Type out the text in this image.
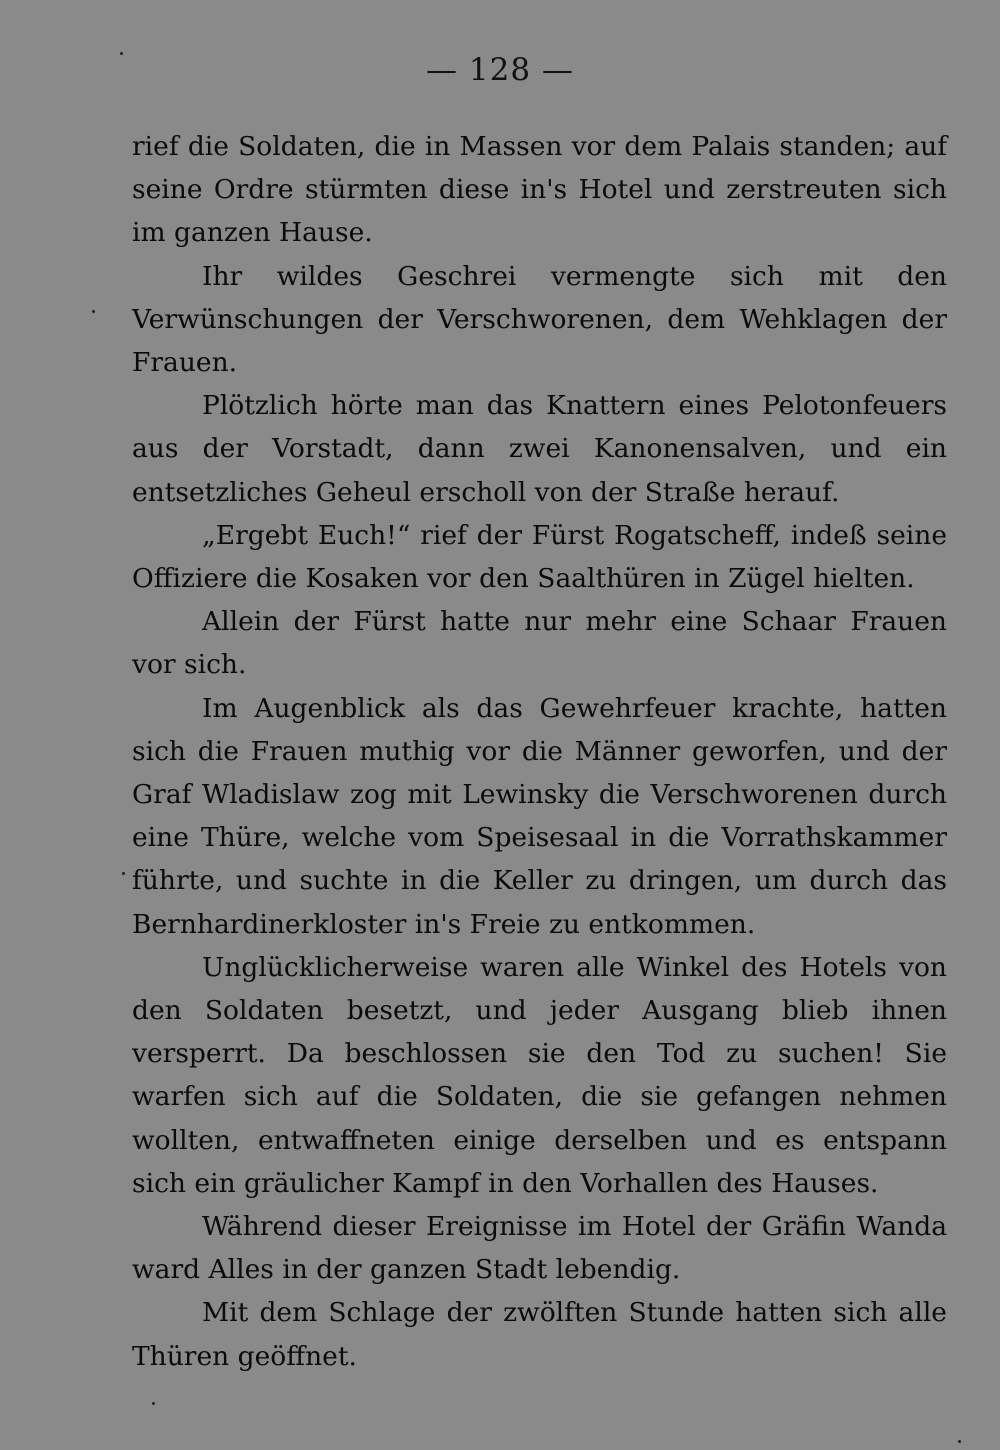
— 128 —

rief die Soldaten, die in Massen vor dem Palais standen; auf seine Ordre stürmten diese in's Hotel und zerstreuten sich im ganzen Hause.

Ihr wildes Geschrei vermengte sich mit den Verwünschungen der Verschworenen, dem Wehklagen der Frauen.

Plötzlich hörte man das Knattern eines Pelotonfeuers aus der Vorstadt, dann zwei Kanonensalven, und ein entsetzliches Geheul erscholl von der Straße herauf.

„Ergebt Euch!“ rief der Fürst Rogatscheff, indeß seine Offiziere die Kosaken vor den Saalthüren in Zügel hielten.

Allein der Fürst hatte nur mehr eine Schaar Frauen vor sich.

Im Augenblick als das Gewehrfeuer krachte, hatten sich die Frauen muthig vor die Männer geworfen, und der Graf Wladislaw zog mit Lewinsky die Verschworenen durch eine Thüre, welche vom Speisesaal in die Vorrathskammer führte, und suchte in die Keller zu dringen, um durch das Bernhardinerkloster in's Freie zu entkommen.

Unglücklicherweise waren alle Winkel des Hotels von den Soldaten besetzt, und jeder Ausgang blieb ihnen versperrt. Da beschlossen sie den Tod zu suchen! Sie warfen sich auf die Soldaten, die sie gefangen nehmen wollten, entwaffneten einige derselben und es entspann sich ein gräulicher Kampf in den Vorhallen des Hauses.

Während dieser Ereignisse im Hotel der Gräfin Wanda ward Alles in der ganzen Stadt lebendig.

Mit dem Schlage der zwölften Stunde hatten sich alle Thüren geöffnet.
